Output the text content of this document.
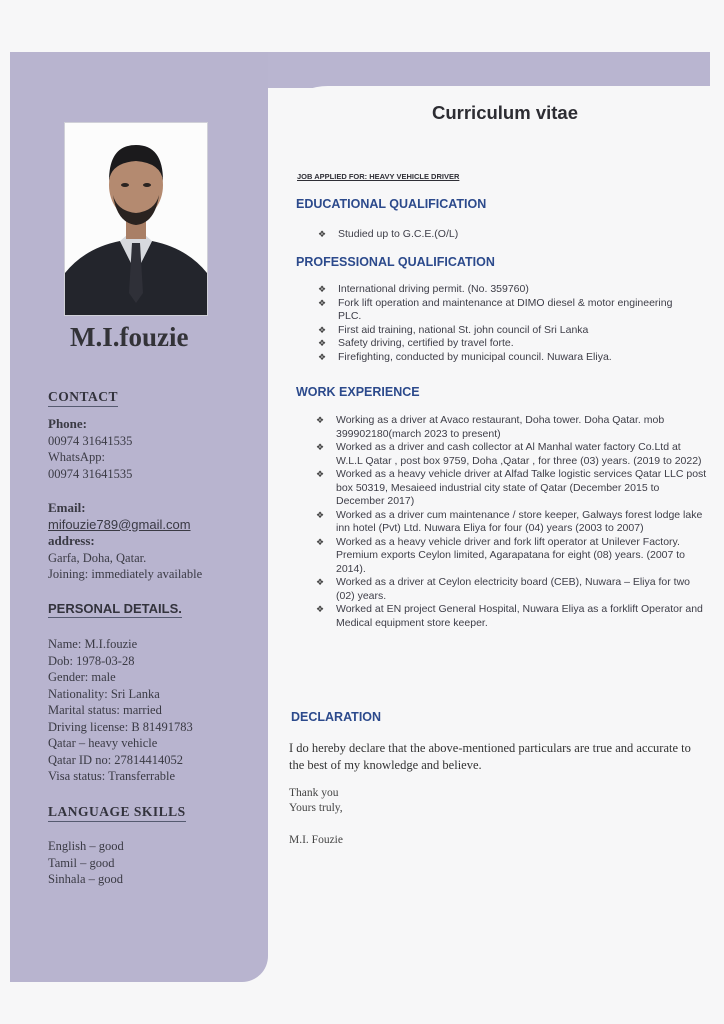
M.I.fouzie
CONTACT
Phone:
00974 31641535
WhatsApp:
00974 31641535
Email:
mifouzie789@gmail.com
address:
Garfa, Doha, Qatar.
Joining: immediately available
PERSONAL DETAILS.
Name: M.I.fouzie
Dob: 1978-03-28
Gender: male
Nationality: Sri Lanka
Marital status: married
Driving license: B 81491783
Qatar – heavy vehicle
Qatar ID no: 27814414052
Visa status: Transferrable
LANGUAGE SKILLS
English – good
Tamil – good
Sinhala – good
Curriculum vitae
JOB APPLIED FOR: HEAVY VEHICLE DRIVER
EDUCATIONAL QUALIFICATION
❖ Studied up to G.C.E.(O/L)
PROFESSIONAL QUALIFICATION
❖ International driving permit. (No. 359760)
❖ Fork lift operation and maintenance at DIMO diesel & motor engineering PLC.
❖ First aid training, national St. john council of Sri Lanka
❖ Safety driving, certified by travel forte.
❖ Firefighting, conducted by municipal council. Nuwara Eliya.
WORK EXPERIENCE
❖ Working as a driver at Avaco restaurant, Doha tower. Doha Qatar. mob 399902180(march 2023 to present)
❖ Worked as a driver and cash collector at Al Manhal water factory Co.Ltd at W.L.L Qatar , post box 9759, Doha ,Qatar , for three (03) years. (2019 to 2022)
❖ Worked as a heavy vehicle driver at Alfad Talke logistic services Qatar LLC post box 50319, Mesaieed industrial city state of Qatar (December 2015 to December 2017)
❖ Worked as a driver cum maintenance / store keeper, Galways forest lodge lake inn hotel (Pvt) Ltd. Nuwara Eliya for four (04) years (2003 to 2007)
❖ Worked as a heavy vehicle driver and fork lift operator at Unilever Factory. Premium exports Ceylon limited, Agarapatana for eight (08) years. (2007 to 2014).
❖ Worked as a driver at Ceylon electricity board (CEB), Nuwara – Eliya for two (02) years.
❖ Worked at EN project General Hospital, Nuwara Eliya as a forklift Operator and Medical equipment store keeper.
DECLARATION
I do hereby declare that the above-mentioned particulars are true and accurate to the best of my knowledge and believe.
Thank you
Yours truly,
M.I. Fouzie
